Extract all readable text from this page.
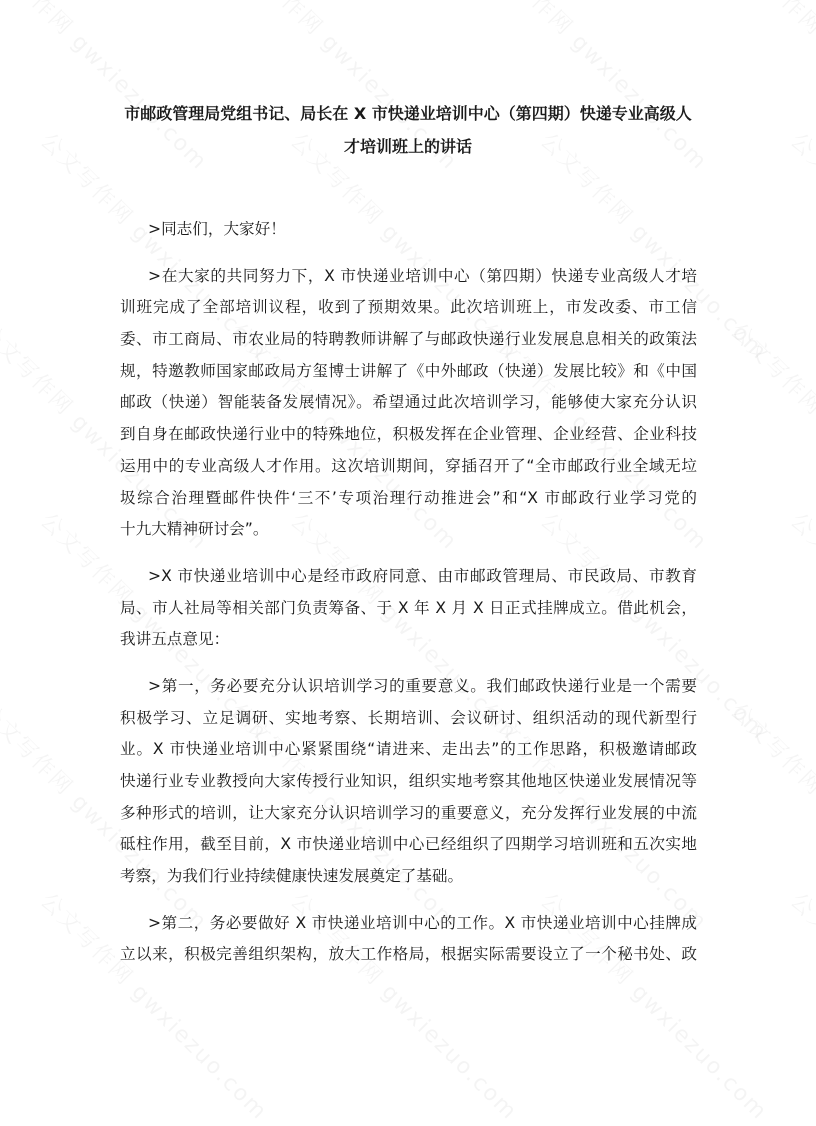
市邮政管理局党组书记、局长在 X 市快递业培训中心（第四期）快递专业高级人
才培训班上的讲话
>同志们，大家好！
>在大家的共同努力下，X 市快递业培训中心（第四期）快递专业高级人才培
训班完成了全部培训议程，收到了预期效果。此次培训班上，市发改委、市工信
委、市工商局、市农业局的特聘教师讲解了与邮政快递行业发展息息相关的政策法
规，特邀教师国家邮政局方玺博士讲解了《中外邮政（快递）发展比较》和《中国
邮政（快递）智能装备发展情况》。希望通过此次培训学习，能够使大家充分认识
到自身在邮政快递行业中的特殊地位，积极发挥在企业管理、企业经营、企业科技
运用中的专业高级人才作用。这次培训期间，穿插召开了“全市邮政行业全域无垃
圾综合治理暨邮件快件‘三不’专项治理行动推进会”和“X 市邮政行业学习党的
十九大精神研讨会”。
>X 市快递业培训中心是经市政府同意、由市邮政管理局、市民政局、市教育
局、市人社局等相关部门负责筹备、于 X 年 X 月 X 日正式挂牌成立。借此机会，
我讲五点意见：
>第一，务必要充分认识培训学习的重要意义。我们邮政快递行业是一个需要
积极学习、立足调研、实地考察、长期培训、会议研讨、组织活动的现代新型行
业。X 市快递业培训中心紧紧围绕“请进来、走出去”的工作思路，积极邀请邮政
快递行业专业教授向大家传授行业知识，组织实地考察其他地区快递业发展情况等
多种形式的培训，让大家充分认识培训学习的重要意义，充分发挥行业发展的中流
砥柱作用，截至目前，X 市快递业培训中心已经组织了四期学习培训班和五次实地
考察，为我们行业持续健康快速发展奠定了基础。
>第二，务必要做好 X 市快递业培训中心的工作。X 市快递业培训中心挂牌成
立以来，积极完善组织架构，放大工作格局，根据实际需要设立了一个秘书处、政
